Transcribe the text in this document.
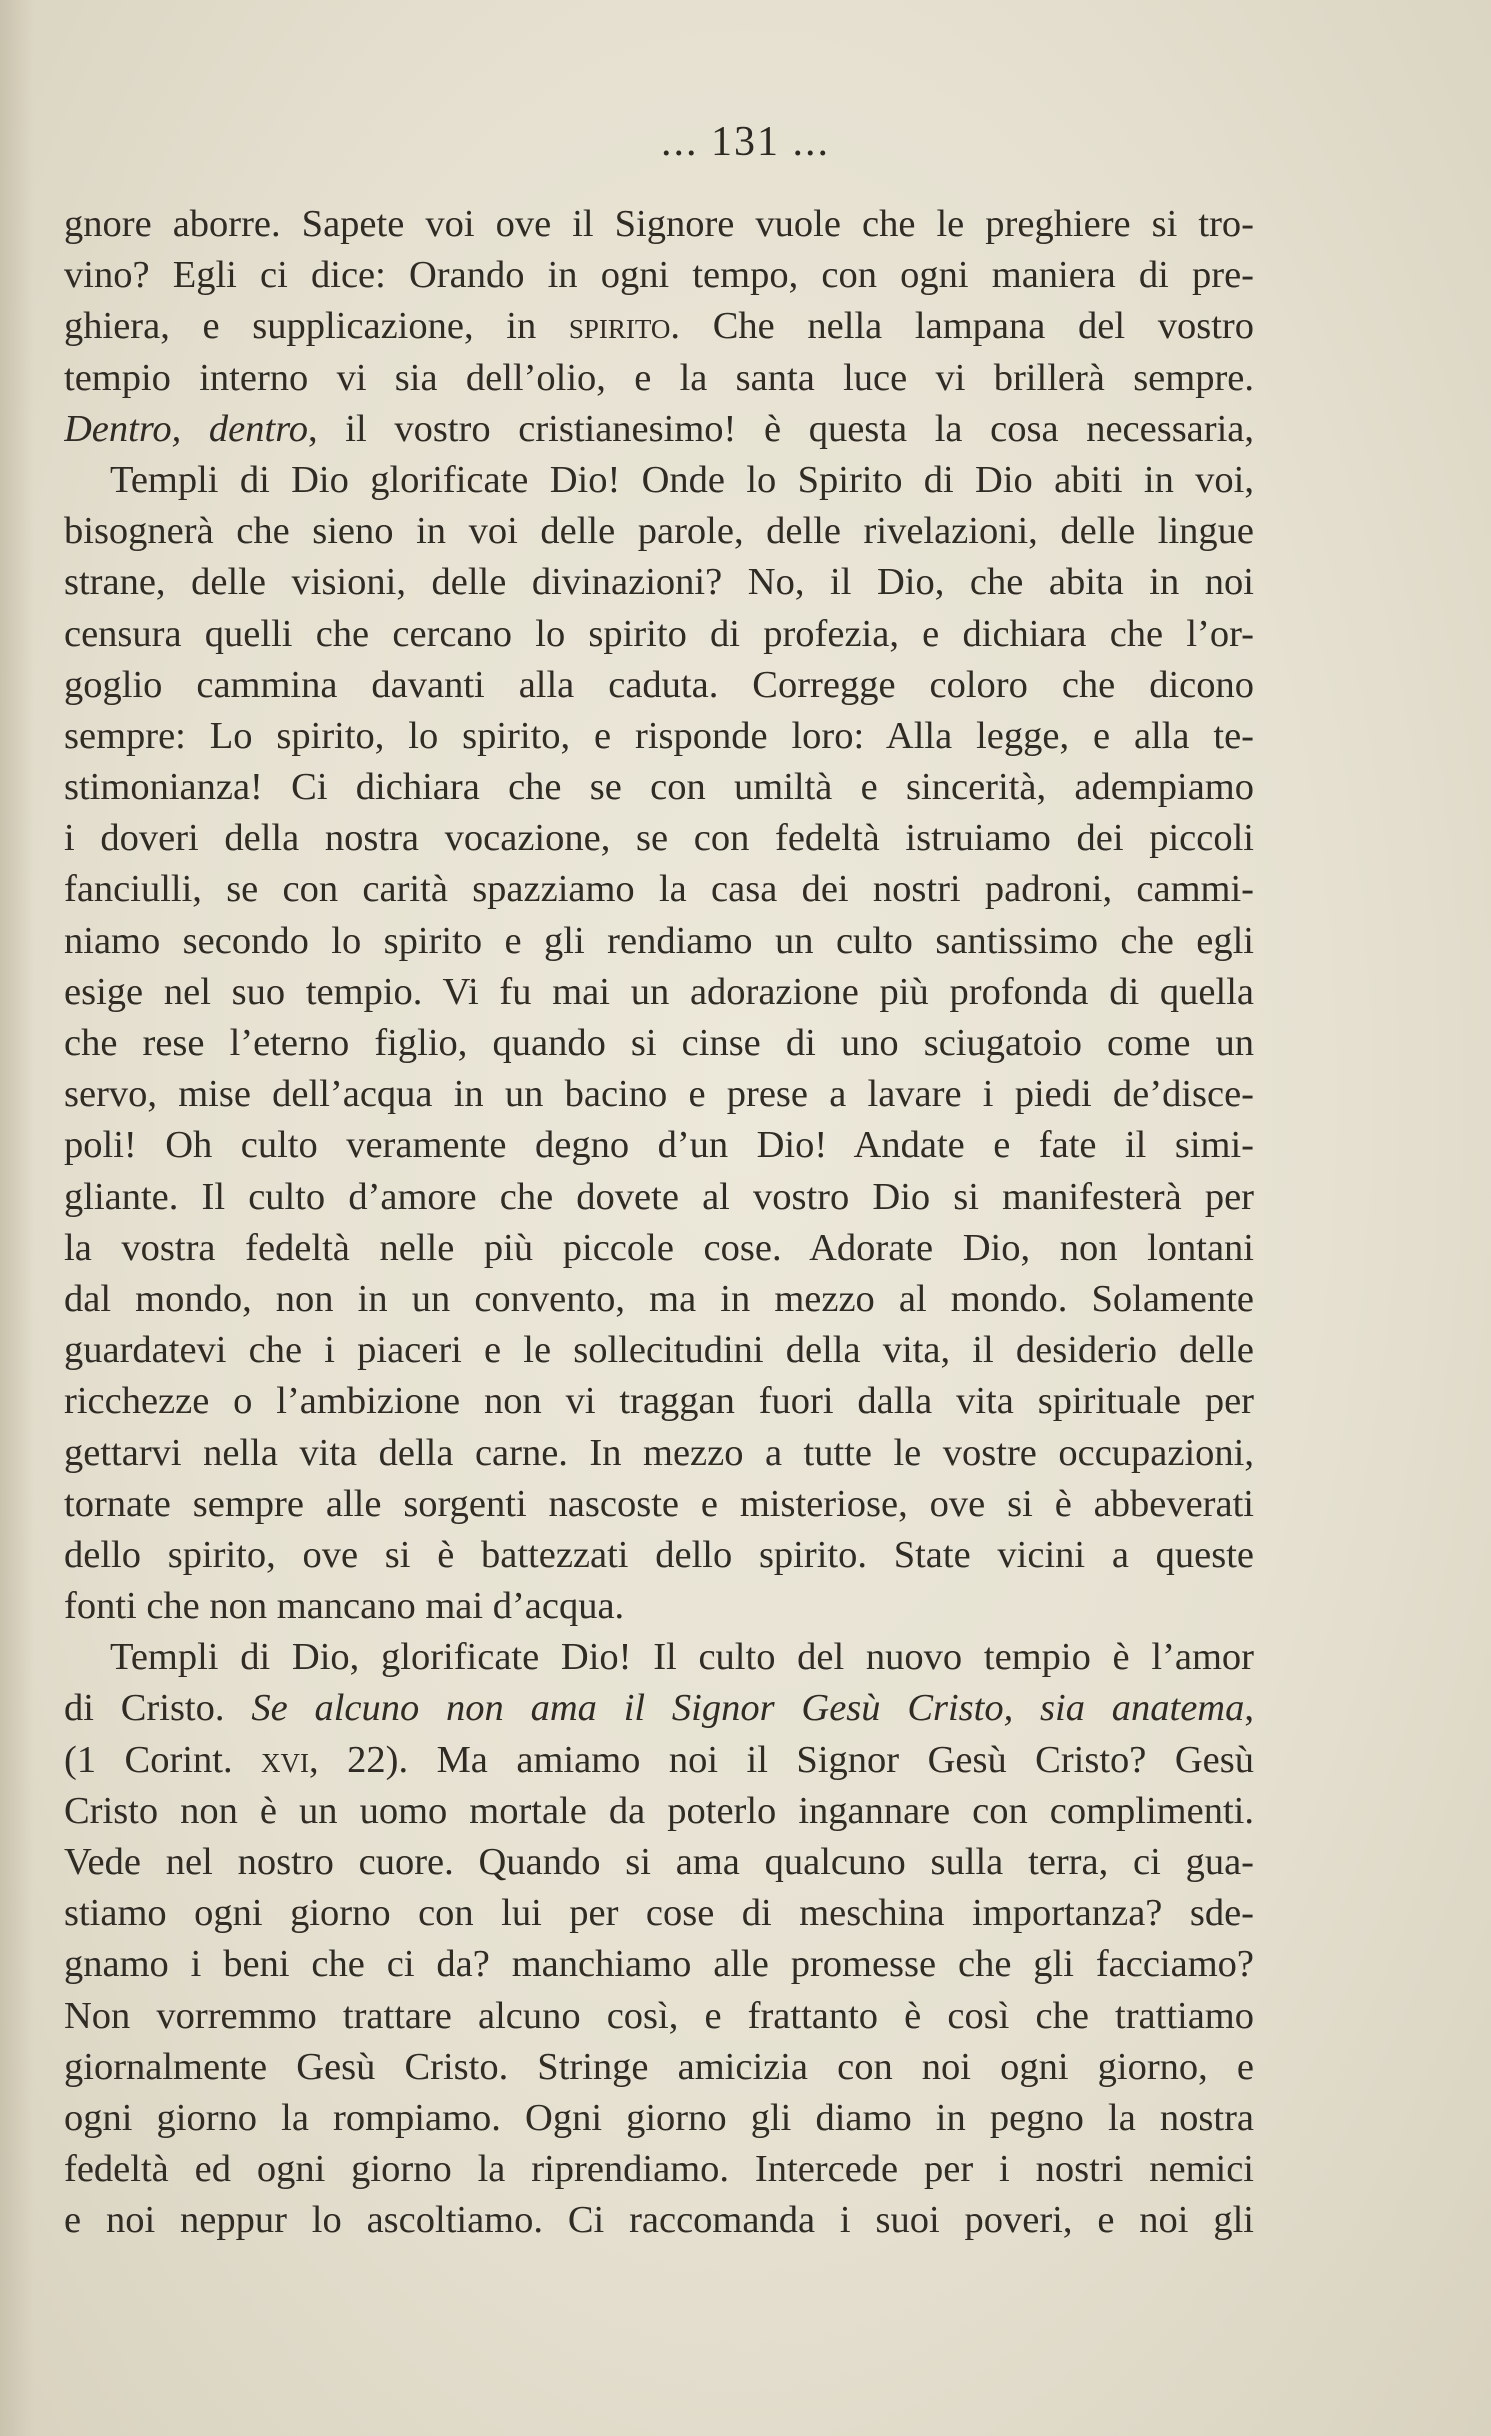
... 131 ...
gnore aborre. Sapete voi ove il Signore vuole che le preghiere si tro-
vino? Egli ci dice: Orando in ogni tempo, con ogni maniera di pre-
ghiera, e supplicazione, in spirito. Che nella lampana del vostro
tempio interno vi sia dell’olio, e la santa luce vi brillerà sempre.
Dentro, dentro, il vostro cristianesimo! è questa la cosa necessaria,
Templi di Dio glorificate Dio! Onde lo Spirito di Dio abiti in voi,
bisognerà che sieno in voi delle parole, delle rivelazioni, delle lingue
strane, delle visioni, delle divinazioni? No, il Dio, che abita in noi
censura quelli che cercano lo spirito di profezia, e dichiara che l’or-
goglio cammina davanti alla caduta. Corregge coloro che dicono
sempre: Lo spirito, lo spirito, e risponde loro: Alla legge, e alla te-
stimonianza! Ci dichiara che se con umiltà e sincerità, adempiamo
i doveri della nostra vocazione, se con fedeltà istruiamo dei piccoli
fanciulli, se con carità spazziamo la casa dei nostri padroni, cammi-
niamo secondo lo spirito e gli rendiamo un culto santissimo che egli
esige nel suo tempio. Vi fu mai un adorazione più profonda di quella
che rese l’eterno figlio, quando si cinse di uno sciugatoio come un
servo, mise dell’acqua in un bacino e prese a lavare i piedi de’disce-
poli! Oh culto veramente degno d’un Dio! Andate e fate il simi-
gliante. Il culto d’amore che dovete al vostro Dio si manifesterà per
la vostra fedeltà nelle più piccole cose. Adorate Dio, non lontani
dal mondo, non in un convento, ma in mezzo al mondo. Solamente
guardatevi che i piaceri e le sollecitudini della vita, il desiderio delle
ricchezze o l’ambizione non vi traggan fuori dalla vita spirituale per
gettarvi nella vita della carne. In mezzo a tutte le vostre occupazioni,
tornate sempre alle sorgenti nascoste e misteriose, ove si è abbeverati
dello spirito, ove si è battezzati dello spirito. State vicini a queste
fonti che non mancano mai d’acqua.
Templi di Dio, glorificate Dio! Il culto del nuovo tempio è l’amor
di Cristo. Se alcuno non ama il Signor Gesù Cristo, sia anatema,
(1 Corint. xvi, 22). Ma amiamo noi il Signor Gesù Cristo? Gesù
Cristo non è un uomo mortale da poterlo ingannare con complimenti.
Vede nel nostro cuore. Quando si ama qualcuno sulla terra, ci gua-
stiamo ogni giorno con lui per cose di meschina importanza? sde-
gnamo i beni che ci da? manchiamo alle promesse che gli facciamo?
Non vorremmo trattare alcuno così, e frattanto è così che trattiamo
giornalmente Gesù Cristo. Stringe amicizia con noi ogni giorno, e
ogni giorno la rompiamo. Ogni giorno gli diamo in pegno la nostra
fedeltà ed ogni giorno la riprendiamo. Intercede per i nostri nemici
e noi neppur lo ascoltiamo. Ci raccomanda i suoi poveri, e noi gli
